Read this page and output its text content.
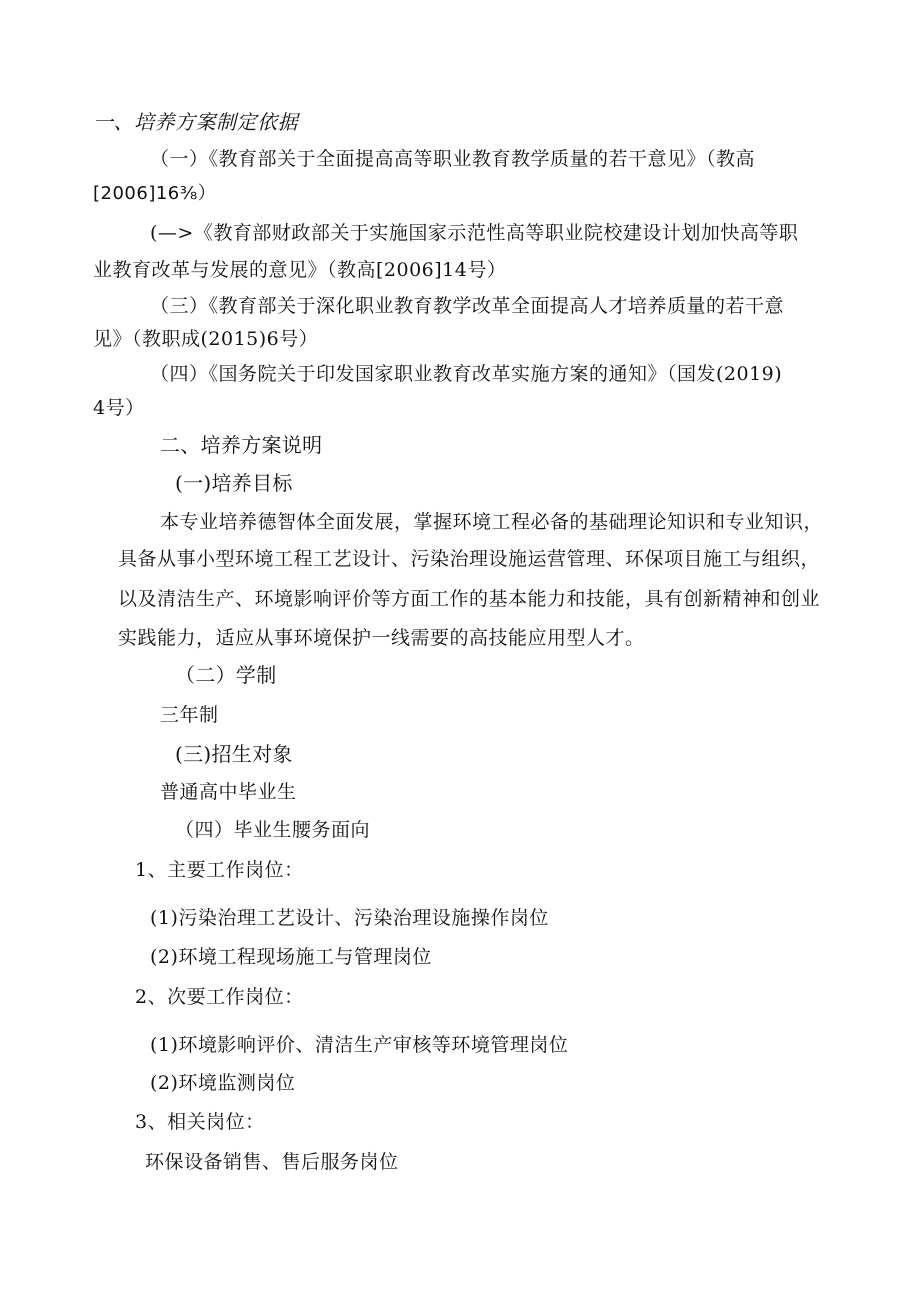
一、培养方案制定依据
（一）《教育部关于全面提高高等职业教育教学质量的若干意见》（教高
[2006]16⅜）
(—>《教育部财政部关于实施国家示范性高等职业院校建设计划加快高等职
业教育改革与发展的意见》（教高[2006]14号）
（三）《教育部关于深化职业教育教学改革全面提高人才培养质量的若干意
见》（教职成(2015)6号）
（四）《国务院关于印发国家职业教育改革实施方案的通知》（国发(2019)
4号）
二、培养方案说明
(一)培养目标
本专业培养德智体全面发展，掌握环境工程必备的基础理论知识和专业知识，
具备从事小型环境工程工艺设计、污染治理设施运营管理、环保项目施工与组织，
以及清洁生产、环境影响评价等方面工作的基本能力和技能，具有创新精神和创业
实践能力，适应从事环境保护一线需要的高技能应用型人才。
（二）学制
三年制
(三)招生对象
普通高中毕业生
（四）毕业生腰务面向
1、主要工作岗位：
(1)污染治理工艺设计、污染治理设施操作岗位
(2)环境工程现场施工与管理岗位
2、次要工作岗位：
(1)环境影响评价、清洁生产审核等环境管理岗位
(2)环境监测岗位
3、相关岗位：
环保设备销售、售后服务岗位
